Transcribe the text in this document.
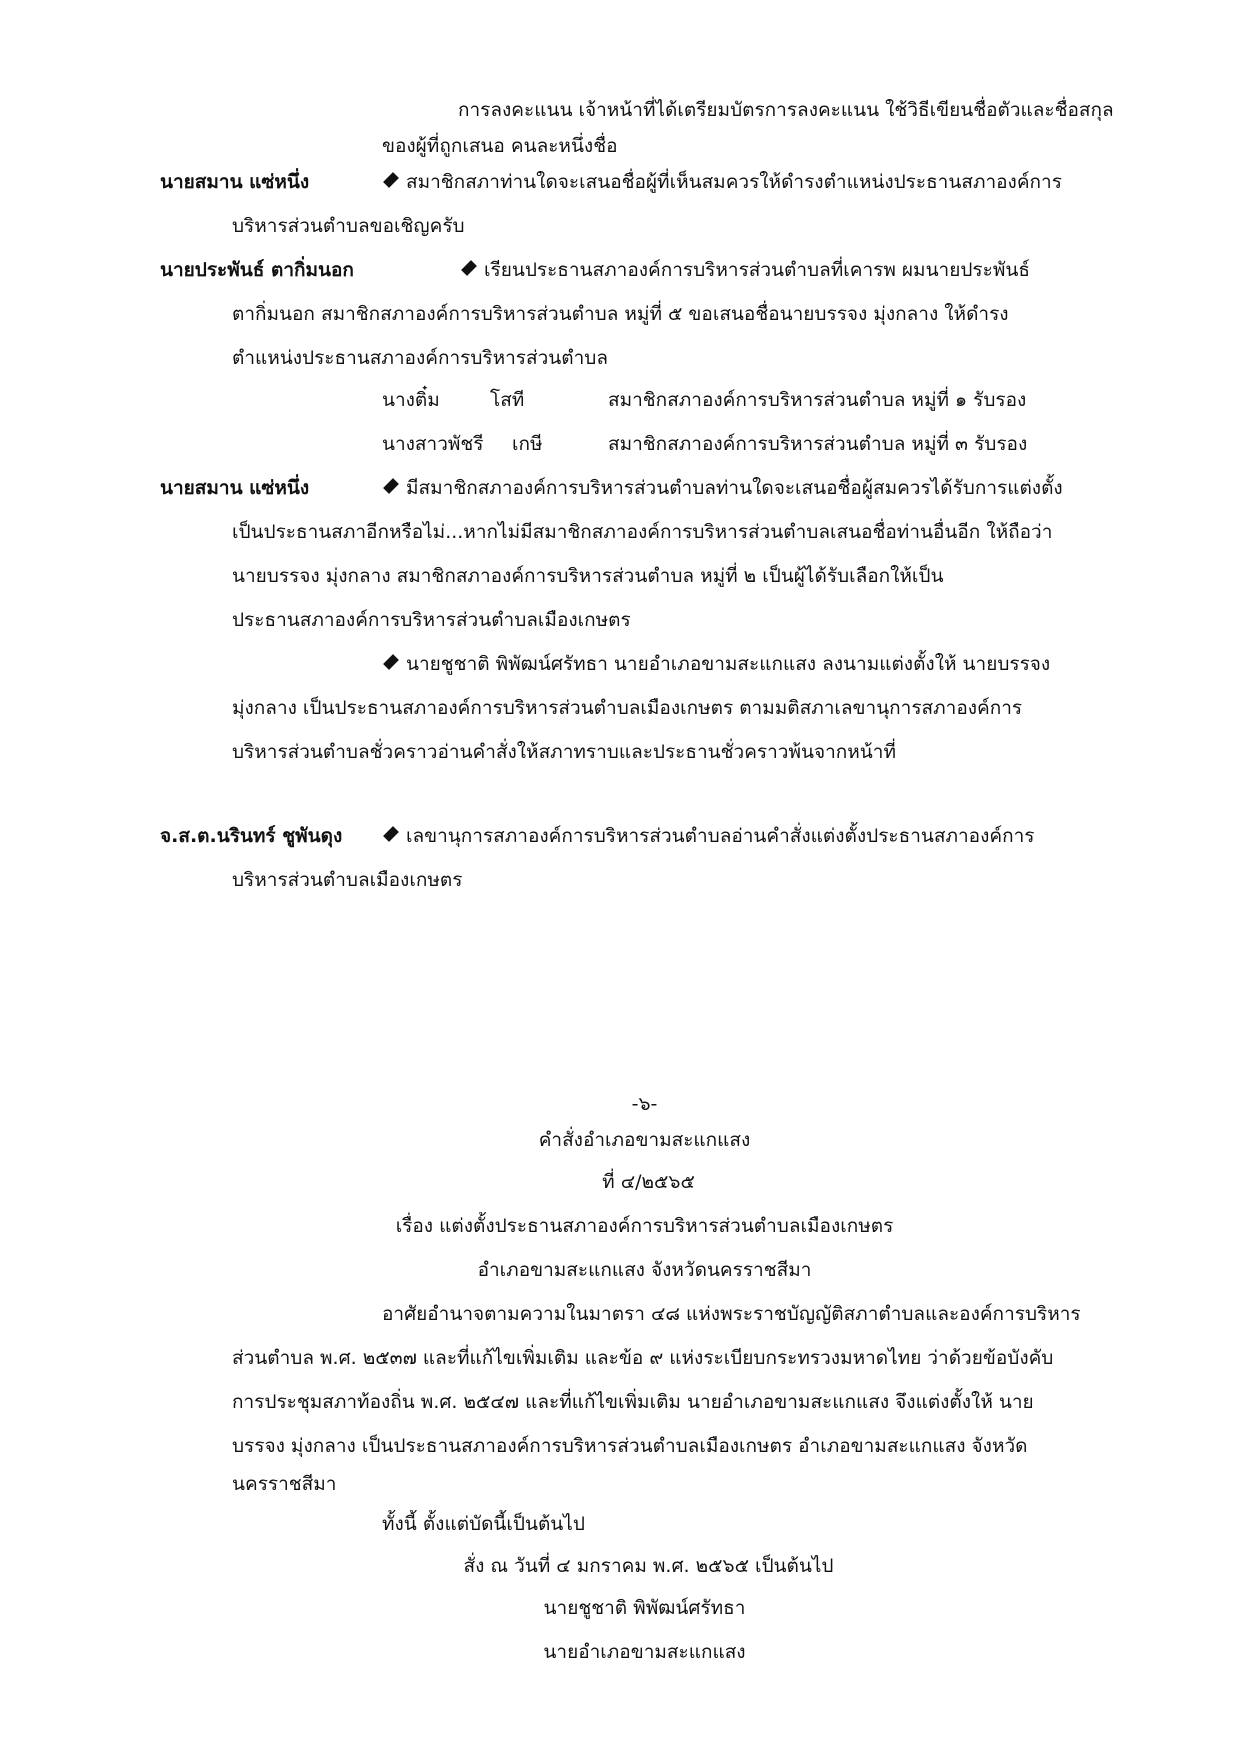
การลงคะแนน เจ้าหน้าที่ได้เตรียมบัตรการลงคะแนน ใช้วิธีเขียนชื่อตัวและชื่อสกุล
ของผู้ที่ถูกเสนอ คนละหนึ่งชื่อ
นายสมาน แซ่หนึ่ง	สมาชิกสภาท่านใดจะเสนอชื่อผู้ที่เห็นสมควรให้ดำรงตำแหน่งประธานสภาองค์การ
บริหารส่วนตำบลขอเชิญครับ
นายประพันธ์ ตากิ่มนอก	เรียนประธานสภาองค์การบริหารส่วนตำบลที่เคารพ ผมนายประพันธ์
ตากิ่มนอก สมาชิกสภาองค์การบริหารส่วนตำบล หมู่ที่ ๕ ขอเสนอชื่อนายบรรจง มุ่งกลาง ให้ดำรง
ตำแหน่งประธานสภาองค์การบริหารส่วนตำบล
นางติ๋ม	โสที	สมาชิกสภาองค์การบริหารส่วนตำบล หมู่ที่ ๑ รับรอง
นางสาวพัชรี เกษี	สมาชิกสภาองค์การบริหารส่วนตำบล หมู่ที่ ๓ รับรอง
นายสมาน แซ่หนึ่ง	มีสมาชิกสภาองค์การบริหารส่วนตำบลท่านใดจะเสนอชื่อผู้สมควรได้รับการแต่งตั้ง
เป็นประธานสภาอีกหรือไม่...หากไม่มีสมาชิกสภาองค์การบริหารส่วนตำบลเสนอชื่อท่านอื่นอีก ให้ถือว่า
นายบรรจง มุ่งกลาง สมาชิกสภาองค์การบริหารส่วนตำบล หมู่ที่ ๒ เป็นผู้ได้รับเลือกให้เป็น
ประธานสภาองค์การบริหารส่วนตำบลเมืองเกษตร
นายชูชาติ พิพัฒน์ศรัทธา นายอำเภอขามสะแกแสง ลงนามแต่งตั้งให้ นายบรรจง
มุ่งกลาง เป็นประธานสภาองค์การบริหารส่วนตำบลเมืองเกษตร ตามมติสภาเลขานุการสภาองค์การ
บริหารส่วนตำบลชั่วคราวอ่านคำสั่งให้สภาทราบและประธานชั่วคราวพ้นจากหน้าที่
จ.ส.ต.นรินทร์ ชูพันดุง	เลขานุการสภาองค์การบริหารส่วนตำบลอ่านคำสั่งแต่งตั้งประธานสภาองค์การ
บริหารส่วนตำบลเมืองเกษตร
-๖-
คำสั่งอำเภอขามสะแกแสง
ที่ ๔/๒๕๖๕
เรื่อง แต่งตั้งประธานสภาองค์การบริหารส่วนตำบลเมืองเกษตร
อำเภอขามสะแกแสง จังหวัดนครราชสีมา
อาศัยอำนาจตามความในมาตรา ๔๘ แห่งพระราชบัญญัติสภาตำบลและองค์การบริหาร
ส่วนตำบล พ.ศ. ๒๕๓๗ และที่แก้ไขเพิ่มเติม และข้อ ๙ แห่งระเบียบกระทรวงมหาดไทย ว่าด้วยข้อบังคับ
การประชุมสภาท้องถิ่น พ.ศ. ๒๕๔๗ และที่แก้ไขเพิ่มเติม นายอำเภอขามสะแกแสง จึงแต่งตั้งให้ นาย
บรรจง มุ่งกลาง เป็นประธานสภาองค์การบริหารส่วนตำบลเมืองเกษตร อำเภอขามสะแกแสง จังหวัด
นครราชสีมา
ทั้งนี้ ตั้งแต่บัดนี้เป็นต้นไป
สั่ง ณ วันที่ ๔ มกราคม พ.ศ. ๒๕๖๕ เป็นต้นไป
นายชูชาติ พิพัฒน์ศรัทธา
นายอำเภอขามสะแกแสง
